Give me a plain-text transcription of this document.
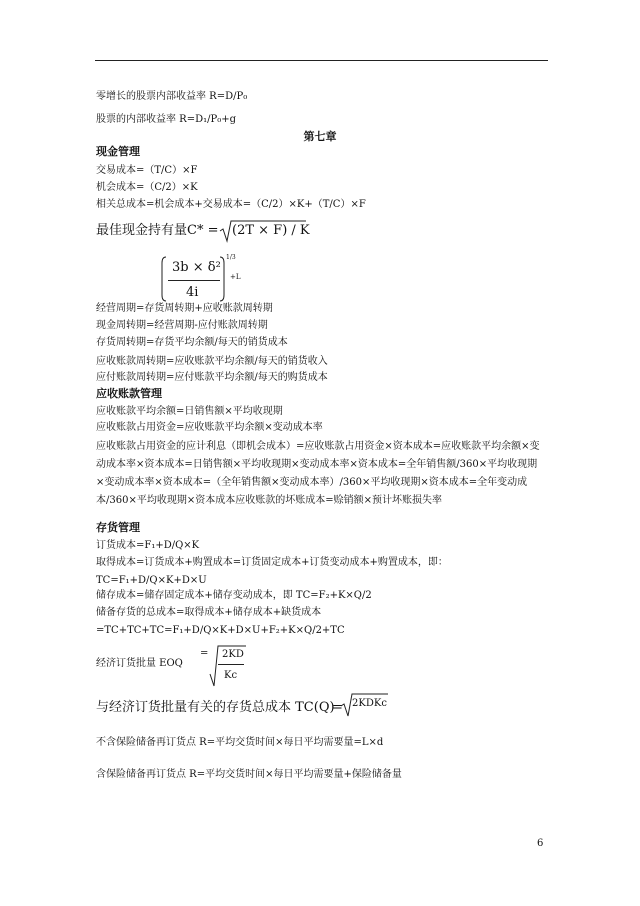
零增长的股票内部收益率 R=D/P₀
股票的内部收益率 R=D₁/P₀+g
第七章
现金管理
交易成本=（T/C）×F
机会成本=（C/2）×K
相关总成本=机会成本+交易成本=（C/2）×K+（T/C）×F
最佳现金持有量C* = (2T × F) / K
3b × δ²
4i
1/3
+L
经营周期=存货周转期+应收账款周转期
现金周转期=经营周期-应付账款周转期
存货周转期=存货平均余额/每天的销货成本
应收账款周转期=应收账款平均余额/每天的销货收入
应付账款周转期=应付账款平均余额/每天的购货成本
应收账款管理
应收账款平均余额=日销售额×平均收现期
应收账款占用资金=应收账款平均余额×变动成本率
应收账款占用资金的应计利息（即机会成本）=应收账款占用资金×资本成本=应收账款平均余额×变动成本率×资本成本=日销售额×平均收现期×变动成本率×资本成本=全年销售额/360×平均收现期×变动成本率×资本成本=（全年销售额×变动成本率）/360×平均收现期×资本成本=全年变动成本/360×平均收现期×资本成本应收账款的坏账成本=赊销额×预计坏账损失率
存货管理
订货成本=F₁+D/Q×K
取得成本=订货成本+购置成本=订货固定成本+订货变动成本+购置成本，即：TC=F₁+D/Q×K+D×U
储存成本=储存固定成本+储存变动成本，即 TC=F₂+K×Q/2
储备存货的总成本=取得成本+储存成本+缺货成本=TC+TC+TC=F₁+D/Q×K+D×U+F₂+K×Q/2+TC
经济订货批量 EOQ
= 2KD
Kc
与经济订货批量有关的存货总成本 TC(Q)
= 2KDKc
不含保险储备再订货点 R=平均交货时间×每日平均需要量=L×d
含保险储备再订货点 R=平均交货时间×每日平均需要量+保险储备量
6
